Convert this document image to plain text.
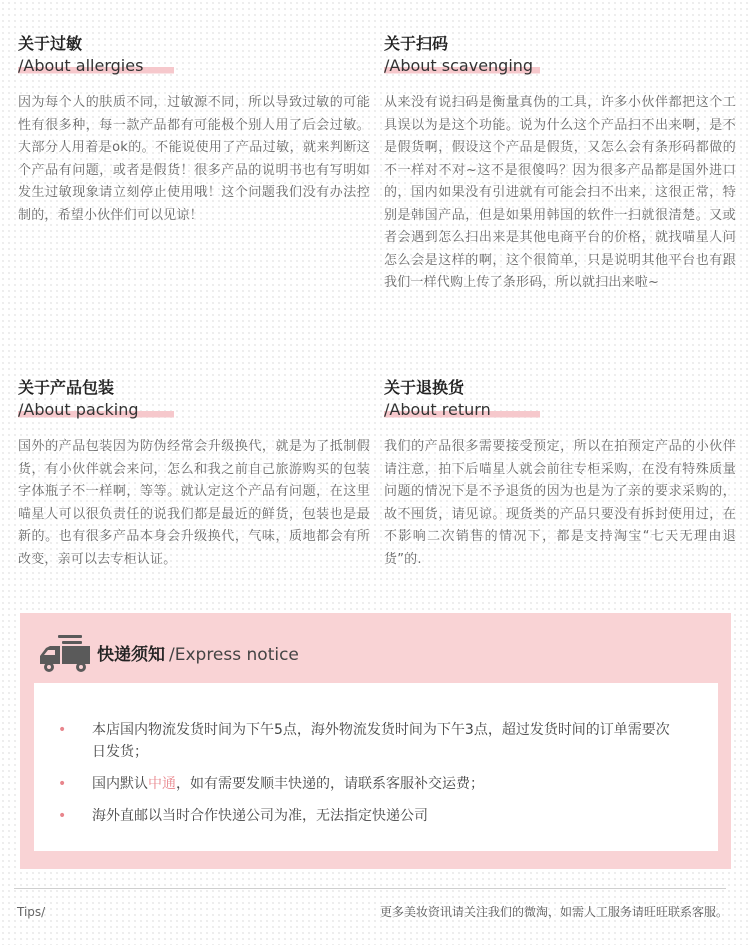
关于过敏
/About allergies

因为每个人的肤质不同，过敏源不同，所以导致过敏的可能性有很多种，每一款产品都有可能极个别人用了后会过敏。大部分人用着是ok的。不能说使用了产品过敏，就来判断这个产品有问题，或者是假货！很多产品的说明书也有写明如发生过敏现象请立刻停止使用哦！这个问题我们没有办法控制的，希望小伙伴们可以见谅！

关于扫码
/About scavenging

从来没有说扫码是衡量真伪的工具，许多小伙伴都把这个工具误以为是这个功能。说为什么这个产品扫不出来啊，是不是假货啊，假设这个产品是假货，又怎么会有条形码都做的不一样对不对~这不是很傻吗？因为很多产品都是国外进口的，国内如果没有引进就有可能会扫不出来，这很正常，特别是韩国产品，但是如果用韩国的软件一扫就很清楚。又或者会遇到怎么扫出来是其他电商平台的价格，就找喵星人问怎么会是这样的啊，这个很简单，只是说明其他平台也有跟我们一样代购上传了条形码，所以就扫出来啦~

关于产品包装
/About packing

国外的产品包装因为防伪经常会升级换代，就是为了抵制假货，有小伙伴就会来问，怎么和我之前自己旅游购买的包装字体瓶子不一样啊，等等。就认定这个产品有问题，在这里喵星人可以很负责任的说我们都是最近的鲜货，包装也是最新的。也有很多产品本身会升级换代，气味，质地都会有所改变，亲可以去专柜认证。

关于退换货
/About return

我们的产品很多需要接受预定，所以在拍预定产品的小伙伴请注意，拍下后喵星人就会前往专柜采购，在没有特殊质量问题的情况下是不予退货的因为也是为了亲的要求采购的，故不囤货，请见谅。现货类的产品只要没有拆封使用过，在不影响二次销售的情况下，都是支持淘宝“七天无理由退货”的.

快递须知 /Express notice
• 本店国内物流发货时间为下午5点，海外物流发货时间为下午3点，超过发货时间的订单需要次日发货；
• 国内默认中通，如有需要发顺丰快递的，请联系客服补交运费；
• 海外直邮以当时合作快递公司为准，无法指定快递公司
Tips/	更多美妆资讯请关注我们的微淘，如需人工服务请旺旺联系客服。
